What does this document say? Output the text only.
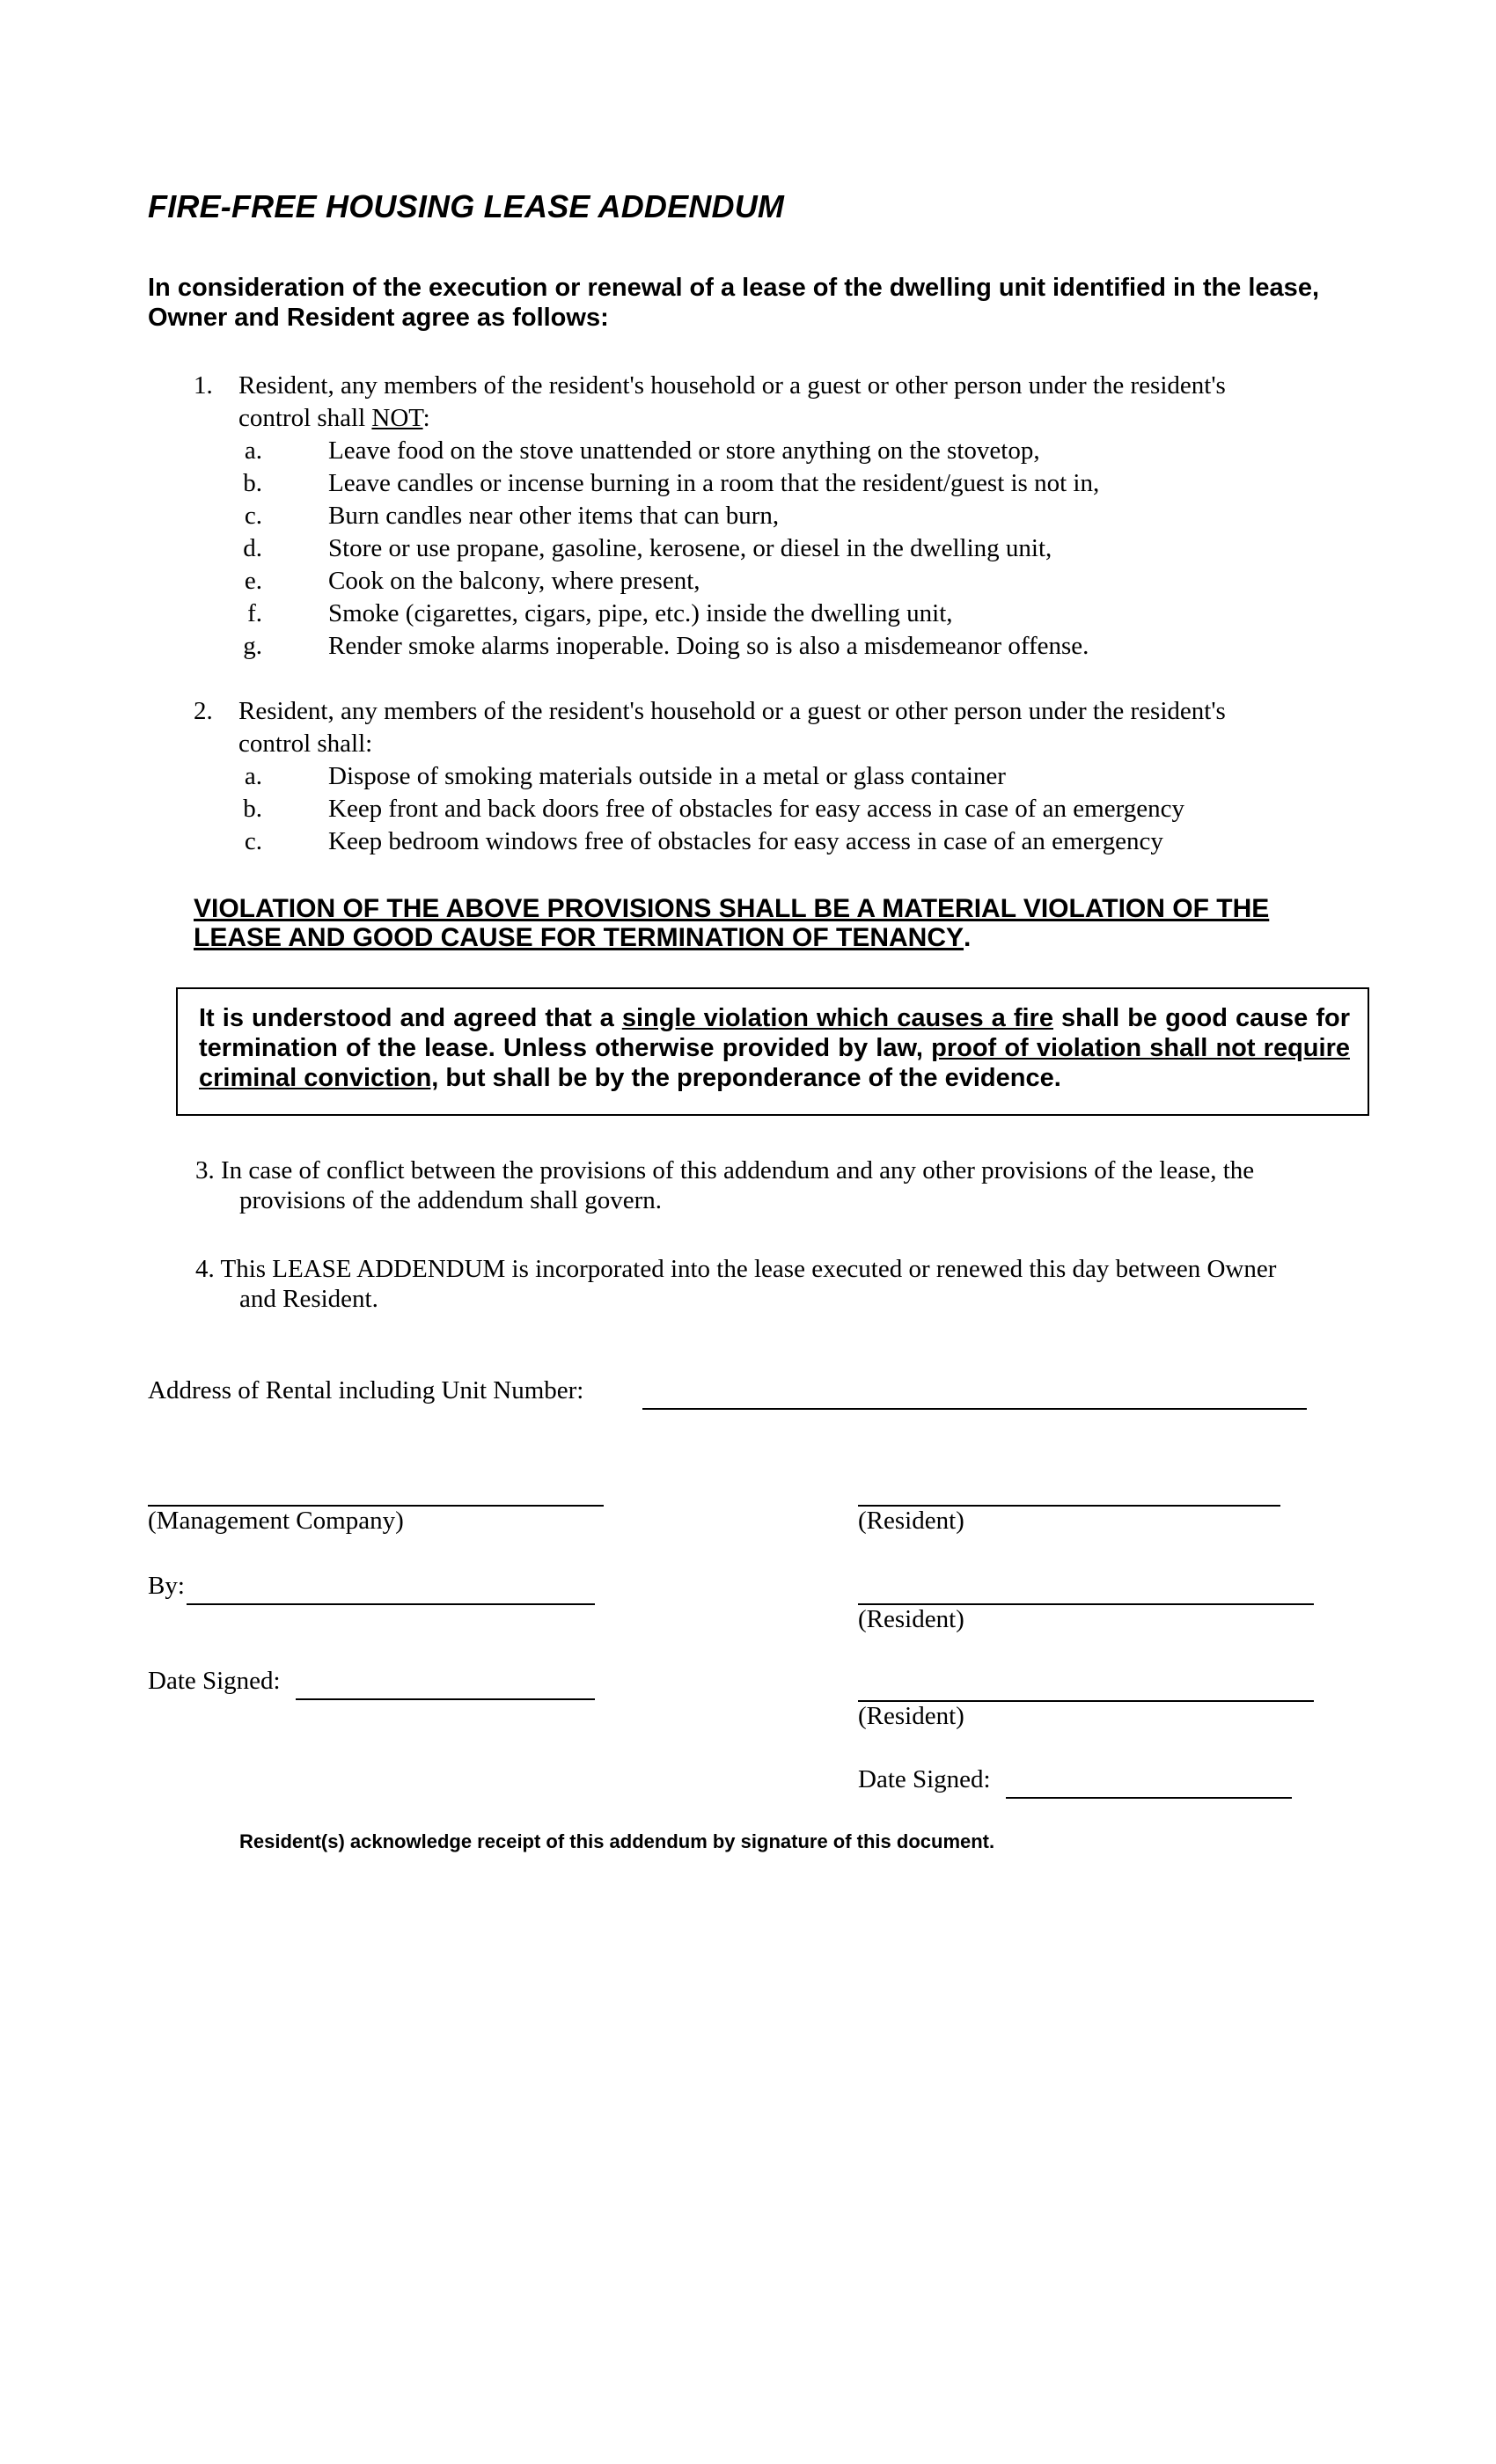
FIRE-FREE HOUSING LEASE ADDENDUM
In consideration of the execution or renewal of a lease of the dwelling unit identified in the lease, Owner and Resident agree as follows:
1. Resident, any members of the resident's household or a guest or other person under the resident's
control shall NOT:
a.	Leave food on the stove unattended or store anything on the stovetop,
b.	Leave candles or incense burning in a room that the resident/guest is not in,
c.	Burn candles near other items that can burn,
d.	Store or use propane, gasoline, kerosene, or diesel in the dwelling unit,
e.	Cook on the balcony, where present,
f.	Smoke (cigarettes, cigars, pipe, etc.) inside the dwelling unit,
g.	Render smoke alarms inoperable. Doing so is also a misdemeanor offense.
2. Resident, any members of the resident's household or a guest or other person under the resident's
control shall:
a.	Dispose of smoking materials outside in a metal or glass container
b.	Keep front and back doors free of obstacles for easy access in case of an emergency
c.	Keep bedroom windows free of obstacles for easy access in case of an emergency
VIOLATION OF THE ABOVE PROVISIONS SHALL BE A MATERIAL VIOLATION OF THE
LEASE AND GOOD CAUSE FOR TERMINATION OF TENANCY.
It is understood and agreed that a single violation which causes a fire shall be good cause for termination of the lease. Unless otherwise provided by law, proof of violation shall not require criminal conviction, but shall be by the preponderance of the evidence.
3. In case of conflict between the provisions of this addendum and any other provisions of the lease, the
provisions of the addendum shall govern.
4. This LEASE ADDENDUM is incorporated into the lease executed or renewed this day between Owner
and Resident.
Address of Rental including Unit Number:
(Management Company)
By:
Date Signed:
(Resident)
(Resident)
(Resident)
Date Signed:
Resident(s) acknowledge receipt of this addendum by signature of this document.
